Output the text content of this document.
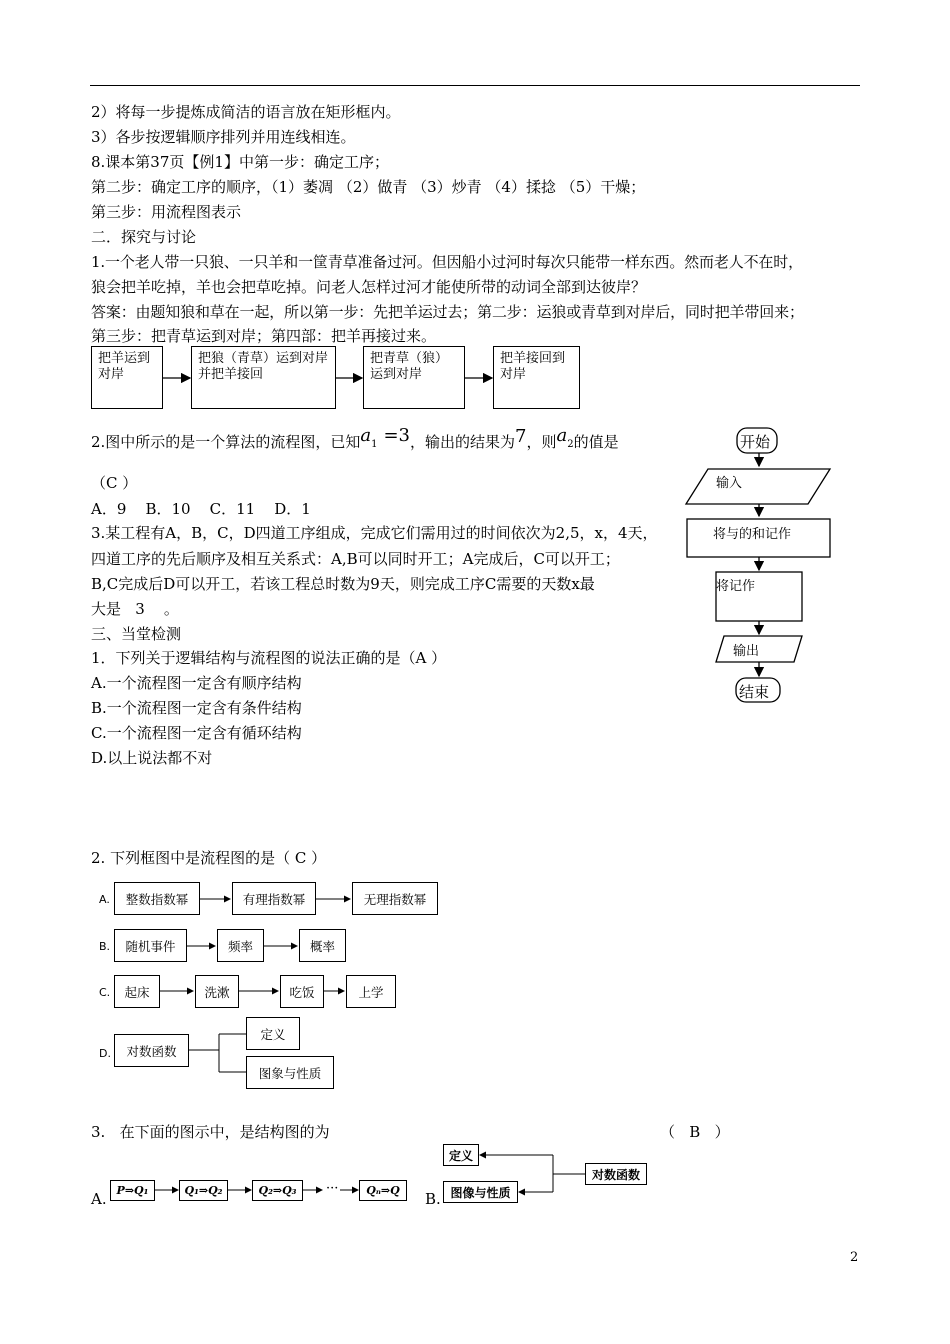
2）将每一步提炼成简洁的语言放在矩形框内。
3）各步按逻辑顺序排列并用连线相连。
8.课本第37页【例1】中第一步：确定工序；
第二步：确定工序的顺序，（1）萎凋 （2）做青 （3）炒青 （4）揉捻 （5）干燥；
第三步：用流程图表示
二．探究与讨论
1.一个老人带一只狼、一只羊和一筐青草准备过河。但因船小过河时每次只能带一样东西。然而老人不在时，
狼会把羊吃掉，羊也会把草吃掉。问老人怎样过河才能使所带的动词全部到达彼岸？
答案：由题知狼和草在一起，所以第一步：先把羊运过去；第二步：运狼或青草到对岸后，同时把羊带回来；
第三步：把青草运到对岸；第四部：把羊再接过来。
把羊运到对岸
把狼（青草）运到对岸并把羊接回
把青草（狼）运到对岸
把羊接回到对岸
2.图中所示的是一个算法的流程图，已知$a_1 =3$，输出的结果为7，则$a_2$的值是
（C ）
A．9    B．10    C．11    D．1
开始
输入
将与的和记作
将记作
输出
结束
3.某工程有A，B，C，D四道工序组成，完成它们需用过的时间依次为2,5，x，4天，
四道工序的先后顺序及相互关系式：A,B可以同时开工；A完成后，C可以开工；
B,C完成后D可以开工，若该工程总时数为9天，则完成工序C需要的天数x最
大是   3    。
三、当堂检测
1．下列关于逻辑结构与流程图的说法正确的是（A ）
A.一个流程图一定含有顺序结构
B.一个流程图一定含有条件结构
C.一个流程图一定含有循环结构
D.以上说法都不对
2. 下列框图中是流程图的是（ C ）
A.	整数指数幂	有理指数幂	无理指数幂
B.	随机事件	频率	概率
C.	起床	洗漱	吃饭	上学
D.	对数函数
定义
图象与性质
3.   在下面的图示中，是结构图的为	（   B   ）
A. P⇒Q₁	Q₁⇒Q₂	Q₂⇒Q₃	···	Qₙ⇒Q	B.
定义
图像与性质
对数函数
2
